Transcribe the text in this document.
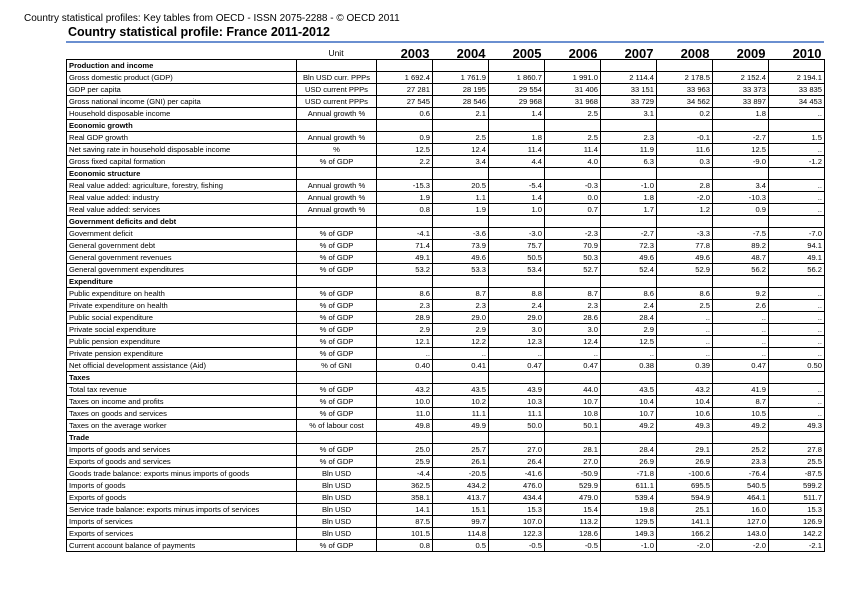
Country statistical profiles: Key tables from OECD - ISSN 2075-2288 - © OECD 2011
Country statistical profile: France 2011-2012
	Unit	2003	2004	2005	2006	2007	2008	2009	2010
Production and income									
Gross domestic product (GDP)	Bln USD curr. PPPs	1 692.4	1 761.9	1 860.7	1 991.0	2 114.4	2 178.5	2 152.4	2 194.1
GDP per capita	USD current PPPs	27 281	28 195	29 554	31 406	33 151	33 963	33 373	33 835
Gross national income (GNI) per capita	USD current PPPs	27 545	28 546	29 968	31 968	33 729	34 562	33 897	34 453
Household disposable income	Annual growth %	0.6	2.1	1.4	2.5	3.1	0.2	1.8	..
Economic growth									
Real GDP growth	Annual growth %	0.9	2.5	1.8	2.5	2.3	-0.1	-2.7	1.5
Net saving rate in household disposable income	%	12.5	12.4	11.4	11.4	11.9	11.6	12.5	..
Gross fixed capital formation	% of GDP	2.2	3.4	4.4	4.0	6.3	0.3	-9.0	-1.2
Economic structure									
Real value added: agriculture, forestry, fishing	Annual growth %	-15.3	20.5	-5.4	-0.3	-1.0	2.8	3.4	..
Real value added: industry	Annual growth %	1.9	1.1	1.4	0.0	1.8	-2.0	-10.3	..
Real value added: services	Annual growth %	0.8	1.9	1.0	0.7	1.7	1.2	0.9	..
Government deficits and debt									
Government deficit	% of GDP	-4.1	-3.6	-3.0	-2.3	-2.7	-3.3	-7.5	-7.0
General government debt	% of GDP	71.4	73.9	75.7	70.9	72.3	77.8	89.2	94.1
General government revenues	% of GDP	49.1	49.6	50.5	50.3	49.6	49.6	48.7	49.1
General government expenditures	% of GDP	53.2	53.3	53.4	52.7	52.4	52.9	56.2	56.2
Expenditure									
Public expenditure on health	% of GDP	8.6	8.7	8.8	8.7	8.6	8.6	9.2	..
Private expenditure on health	% of GDP	2.3	2.3	2.4	2.3	2.4	2.5	2.6	..
Public social expenditure	% of GDP	28.9	29.0	29.0	28.6	28.4	..	..	..
Private social expenditure	% of GDP	2.9	2.9	3.0	3.0	2.9	..	..	..
Public pension expenditure	% of GDP	12.1	12.2	12.3	12.4	12.5	..	..	..
Private pension expenditure	% of GDP	..	..	..	..	..	..	..	..
Net official development assistance (Aid)	% of GNI	0.40	0.41	0.47	0.47	0.38	0.39	0.47	0.50
Taxes									
Total tax revenue	% of GDP	43.2	43.5	43.9	44.0	43.5	43.2	41.9	..
Taxes on income and profits	% of GDP	10.0	10.2	10.3	10.7	10.4	10.4	8.7	..
Taxes on goods and services	% of GDP	11.0	11.1	11.1	10.8	10.7	10.6	10.5	..
Taxes on the average worker	% of labour cost	49.8	49.9	50.0	50.1	49.2	49.3	49.2	49.3
Trade									
Imports of goods and services	% of GDP	25.0	25.7	27.0	28.1	28.4	29.1	25.2	27.8
Exports of goods and services	% of GDP	25.9	26.1	26.4	27.0	26.9	26.9	23.3	25.5
Goods trade balance: exports minus imports of goods	Bln USD	-4.4	-20.5	-41.6	-50.9	-71.8	-100.6	-76.4	-87.5
Imports of goods	Bln USD	362.5	434.2	476.0	529.9	611.1	695.5	540.5	599.2
Exports of goods	Bln USD	358.1	413.7	434.4	479.0	539.4	594.9	464.1	511.7
Service trade balance: exports minus imports of services	Bln USD	14.1	15.1	15.3	15.4	19.8	25.1	16.0	15.3
Imports of services	Bln USD	87.5	99.7	107.0	113.2	129.5	141.1	127.0	126.9
Exports of services	Bln USD	101.5	114.8	122.3	128.6	149.3	166.2	143.0	142.2
Current account balance of payments	% of GDP	0.8	0.5	-0.5	-0.5	-1.0	-2.0	-2.0	-2.1
